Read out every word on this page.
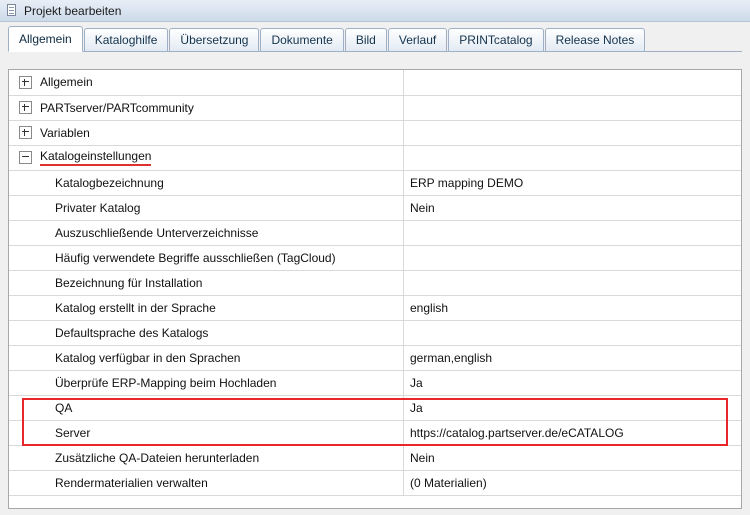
Projekt bearbeiten
Allgemein	Kataloghilfe	Übersetzung	Dokumente	Bild	Verlauf	PRINTcatalog	Release Notes
Allgemein	

PARTserver/PARTcommunity	

Variablen	

Katalogeinstellungen	

Katalogbezeichnung	ERP mapping DEMO

Privater Katalog	Nein

Auszuschließende Unterverzeichnisse	

Häufig verwendete Begriffe ausschließen (TagCloud)	

Bezeichnung für Installation	

Katalog erstellt in der Sprache	english

Defaultsprache des Katalogs	

Katalog verfügbar in den Sprachen	german,english

Überprüfe ERP-Mapping beim Hochladen	Ja

QA	Ja

Server	https://catalog.partserver.de/eCATALOG

Zusätzliche QA-Dateien herunterladen	Nein

Rendermaterialien verwalten	(0 Materialien)
